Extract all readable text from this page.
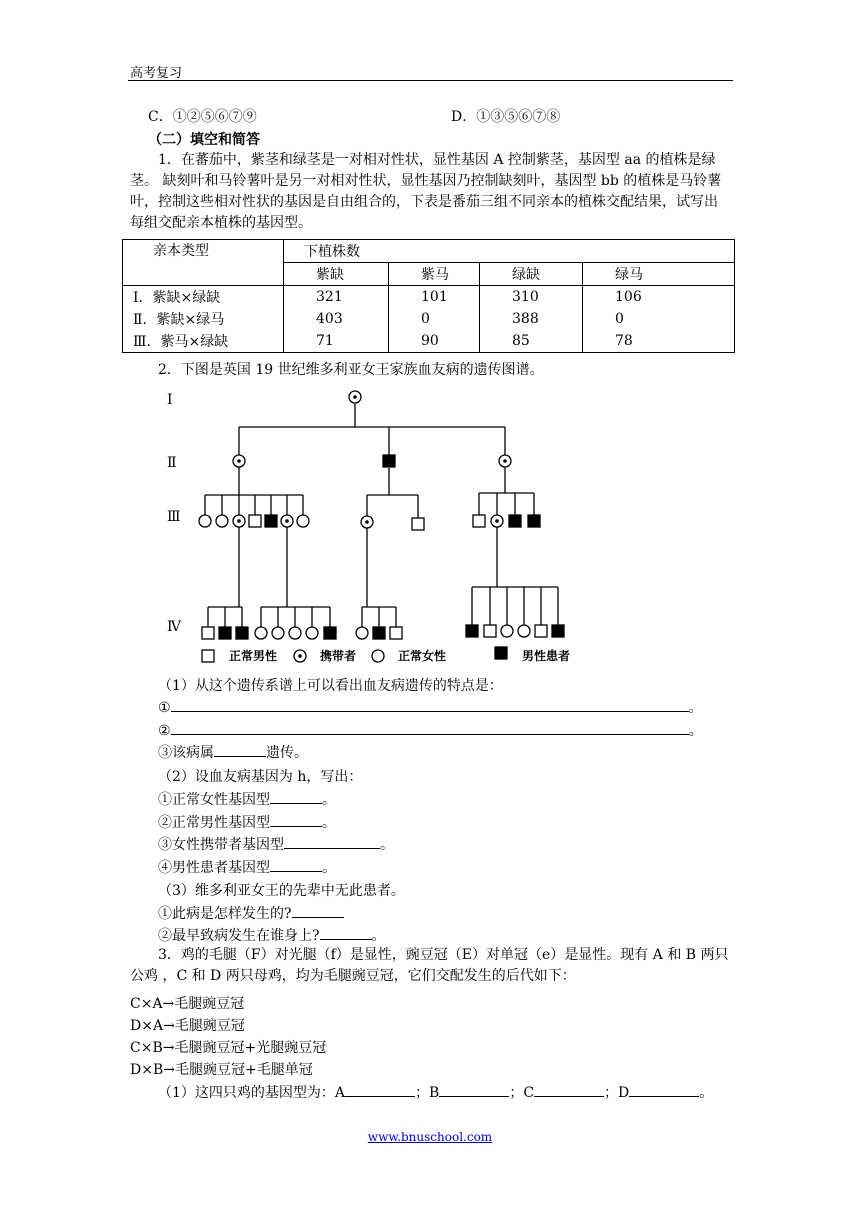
高考复习
C．①②⑤⑥⑦⑨	D．①③⑤⑥⑦⑧
（二）填空和简答
1．在蕃茄中，紫茎和绿茎是一对相对性状，显性基因 A 控制紫茎，基因型 aa 的植株是绿茎。 缺刻叶和马铃薯叶是另一对相对性状，显性基因乃控制缺刻叶，基因型 bb 的植株是马铃薯叶，控制这些相对性状的基因是自由组合的，下表是番茄三组不同亲本的植株交配结果，试写出 每组交配亲本植株的基因型。
亲本类型	下植株数			
	紫缺	紫马	绿缺	绿马
Ⅰ．紫缺×绿缺	321	101	310	106
Ⅱ．紫缺×绿马	403	0	388	0
Ⅲ．紫马×绿缺	71	90	85	78
2．下图是英国 19 世纪维多利亚女王家族血友病的遗传图谱。
Ⅰ
Ⅱ
Ⅲ
Ⅳ
正常男性	携带者	正常女性	男性患者
（1）从这个遗传系谱上可以看出血友病遗传的特点是：
①	。
②	。
③该病属	遗传。
（2）设血友病基因为 h，写出：
①正常女性基因型	。
②正常男性基因型	。
③女性携带者基因型	。
④男性患者基因型	。
（3）维多利亚女王的先辈中无此患者。
①此病是怎样发生的?
②最早致病发生在谁身上?	。
3．鸡的毛腿（F）对光腿（f）是显性，豌豆冠（E）对单冠（e）是显性。现有 A 和 B 两只公鸡 ，C 和 D 两只母鸡，均为毛腿豌豆冠，它们交配发生的后代如下：
C×A→毛腿豌豆冠
D×A→毛腿豌豆冠
C×B→毛腿豌豆冠+光腿豌豆冠
D×B→毛腿豌豆冠+毛腿单冠
（1）这四只鸡的基因型为：A	；B	；C	；D	。
www.bnuschool.com
